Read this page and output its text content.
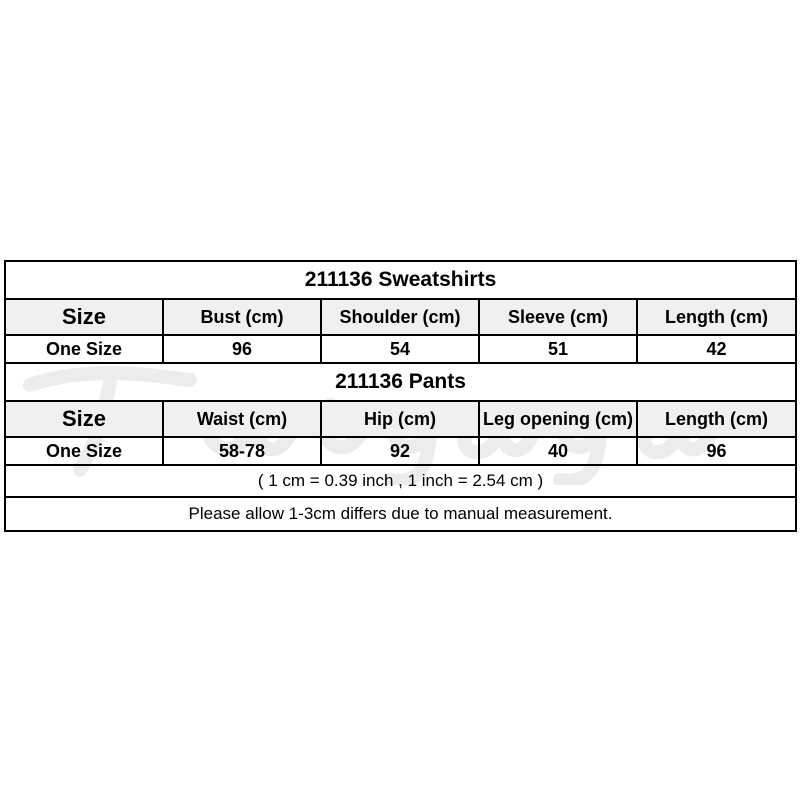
211136 Sweatshirts				
Size	Bust (cm)	Shoulder (cm)	Sleeve (cm)	Length (cm)
One Size	96	54	51	42
211136 Pants				
Size	Waist (cm)	Hip (cm)	Leg opening (cm)	Length (cm)
One Size	58-78	92	40	96
( 1 cm = 0.39 inch , 1 inch = 2.54 cm )				
Please allow 1-3cm differs due to manual measurement.				
